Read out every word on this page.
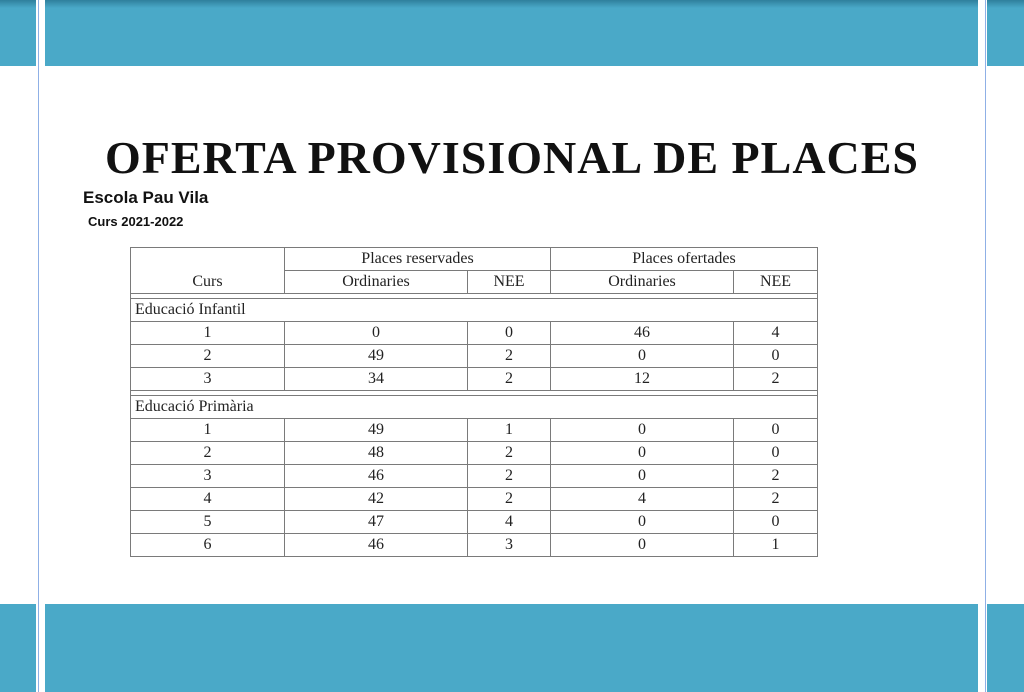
OFERTA PROVISIONAL DE PLACES
Escola Pau Vila
Curs 2021-2022
Curs	Places reservades		Places ofertades	
	Ordinaries	NEE	Ordinaries	NEE

Educació Infantil				
1	0	0	46	4
2	49	2	0	0
3	34	2	12	2

Educació Primària				
1	49	1	0	0
2	48	2	0	0
3	46	2	0	2
4	42	2	4	2
5	47	4	0	0
6	46	3	0	1
